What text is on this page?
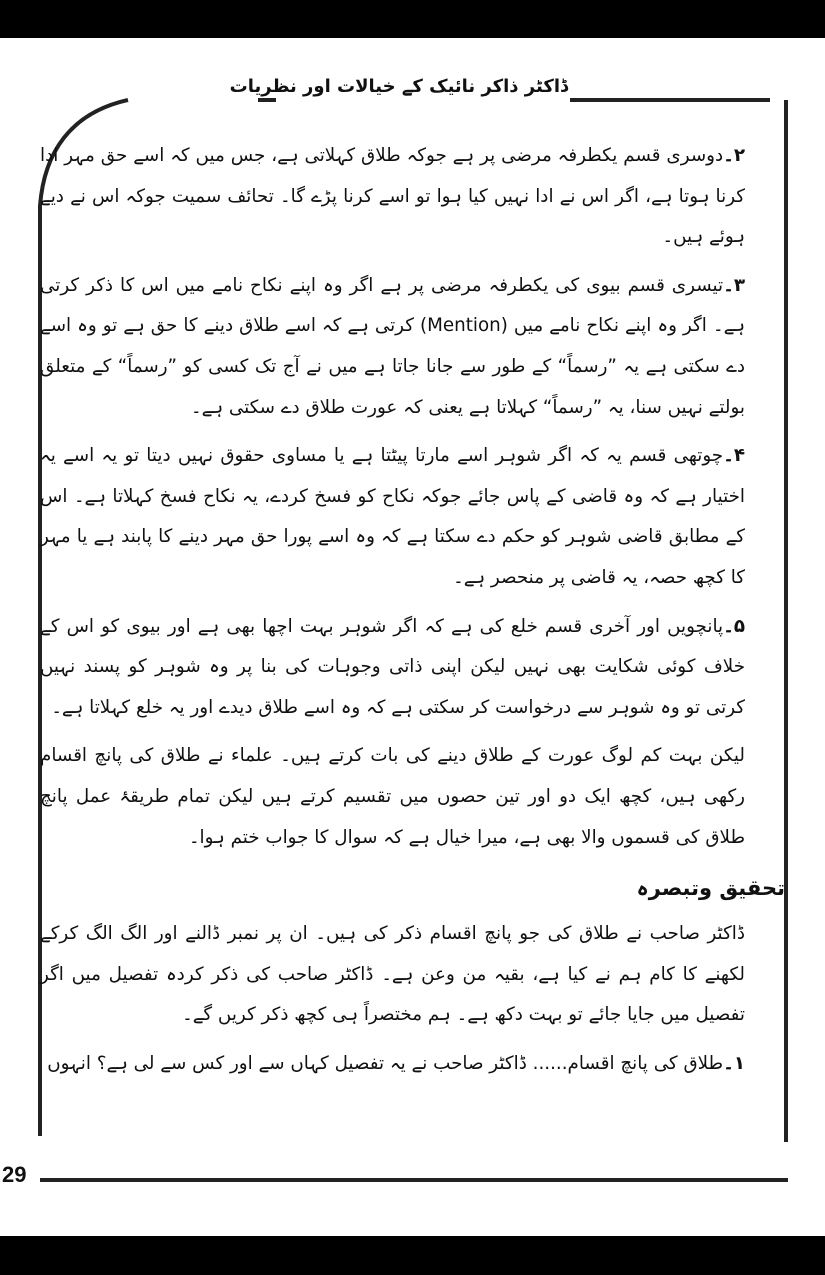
ڈاکٹر ذاکر نائیک کے خیالات اور نظریات

۲۔دوسری قسم یکطرفہ مرضی پر ہے جوکہ طلاق کہلاتی ہے، جس میں کہ اسے حق مہر ادا کرنا ہوتا ہے، اگر اس نے ادا نہیں کیا ہوا تو اسے کرنا پڑے گا۔ تحائف سمیت جوکہ اس نے دیے ہوئے ہیں۔

۳۔تیسری قسم بیوی کی یکطرفہ مرضی پر ہے اگر وہ اپنے نکاح نامے میں اس کا ذکر کرتی ہے۔ اگر وہ اپنے نکاح نامے میں (Mention) کرتی ہے کہ اسے طلاق دینے کا حق ہے تو وہ اسے دے سکتی ہے یہ ”رسماً“ کے طور سے جانا جاتا ہے میں نے آج تک کسی کو ”رسماً“ کے متعلق بولتے نہیں سنا، یہ ”رسماً“ کہلاتا ہے یعنی کہ عورت طلاق دے سکتی ہے۔

۴۔چوتھی قسم یہ کہ اگر شوہر اسے مارتا پیٹتا ہے یا مساوی حقوق نہیں دیتا تو یہ اسے یہ اختیار ہے کہ وہ قاضی کے پاس جائے جوکہ نکاح کو فسخ کردے، یہ نکاح فسخ کہلاتا ہے۔ اس کے مطابق قاضی شوہر کو حکم دے سکتا ہے کہ وہ اسے پورا حق مہر دینے کا پابند ہے یا مہر کا کچھ حصہ، یہ قاضی پر منحصر ہے۔

۵۔پانچویں اور آخری قسم خلع کی ہے کہ اگر شوہر بہت اچھا بھی ہے اور بیوی کو اس کے خلاف کوئی شکایت بھی نہیں لیکن اپنی ذاتی وجوہات کی بنا پر وہ شوہر کو پسند نہیں کرتی تو وہ شوہر سے درخواست کر سکتی ہے کہ وہ اسے طلاق دیدے اور یہ خلع کہلاتا ہے۔

لیکن بہت کم لوگ عورت کے طلاق دینے کی بات کرتے ہیں۔ علماء نے طلاق کی پانچ اقسام رکھی ہیں، کچھ ایک دو اور تین حصوں میں تقسیم کرتے ہیں لیکن تمام طریقۂ عمل پانچ طلاق کی قسموں والا بھی ہے، میرا خیال ہے کہ سوال کا جواب ختم ہوا۔

تحقیق وتبصرہ

ڈاکٹر صاحب نے طلاق کی جو پانچ اقسام ذکر کی ہیں۔ ان پر نمبر ڈالنے اور الگ الگ کرکے لکھنے کا کام ہم نے کیا ہے، بقیہ من وعن ہے۔ ڈاکٹر صاحب کی ذکر کردہ تفصیل میں اگر تفصیل میں جایا جائے تو بہت دکھ ہے۔ ہم مختصراً ہی کچھ ذکر کریں گے۔

۱۔طلاق کی پانچ اقسام...... ڈاکٹر صاحب نے یہ تفصیل کہاں سے اور کس سے لی ہے؟ انہوں

29
